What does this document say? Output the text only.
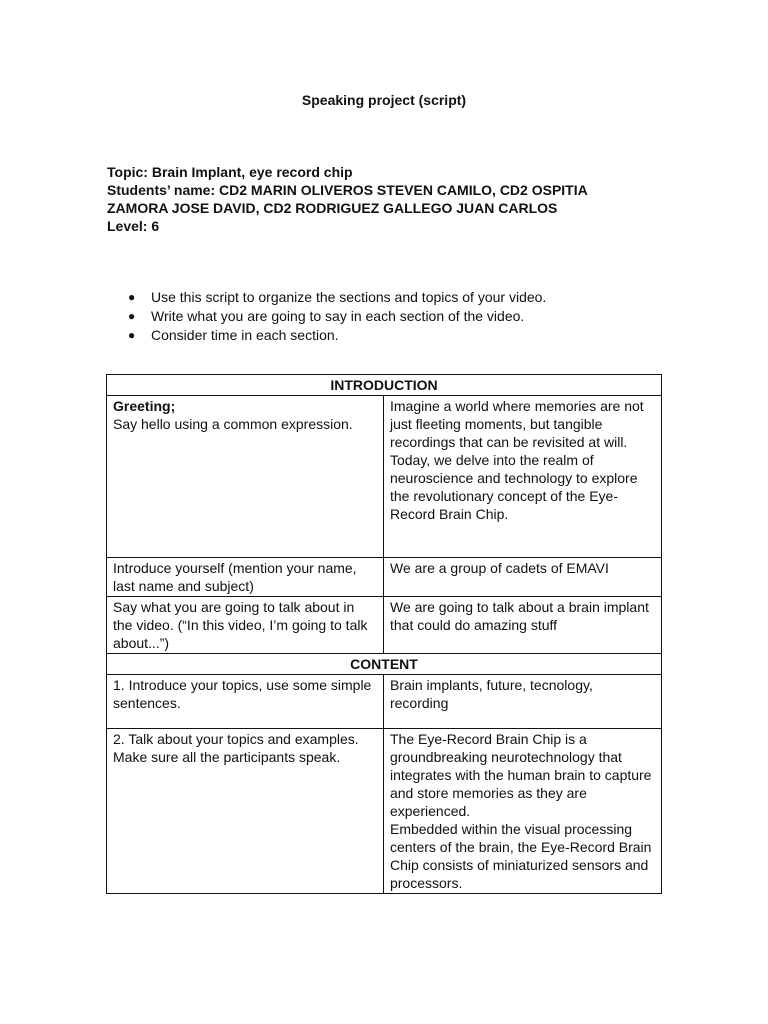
Speaking project (script)
Topic: Brain Implant, eye record chip
Students’ name: CD2 MARIN OLIVEROS STEVEN CAMILO, CD2 OSPITIA
ZAMORA JOSE DAVID, CD2 RODRIGUEZ GALLEGO JUAN CARLOS
Level: 6
● Use this script to organize the sections and topics of your video.
● Write what you are going to say in each section of the video.
● Consider time in each section.
INTRODUCTION	

Greeting;
Say hello using a common expression.	Imagine a world where memories are not just fleeting moments, but tangible recordings that can be revisited at will. Today, we delve into the realm of neuroscience and technology to explore the revolutionary concept of the Eye-Record Brain Chip.
Introduce yourself (mention your name, last name and subject)	We are a group of cadets of EMAVI
Say what you are going to talk about in the video. (“In this video, I’m going to talk about...”)	We are going to talk about a brain implant that could do amazing stuff
CONTENT	
1. Introduce your topics, use some simple sentences.	Brain implants, future, tecnology, recording
2. Talk about your topics and examples. Make sure all the participants speak.	The Eye-Record Brain Chip is a groundbreaking neurotechnology that integrates with the human brain to capture and store memories as they are experienced.
Embedded within the visual processing centers of the brain, the Eye-Record Brain Chip consists of miniaturized sensors and processors.
